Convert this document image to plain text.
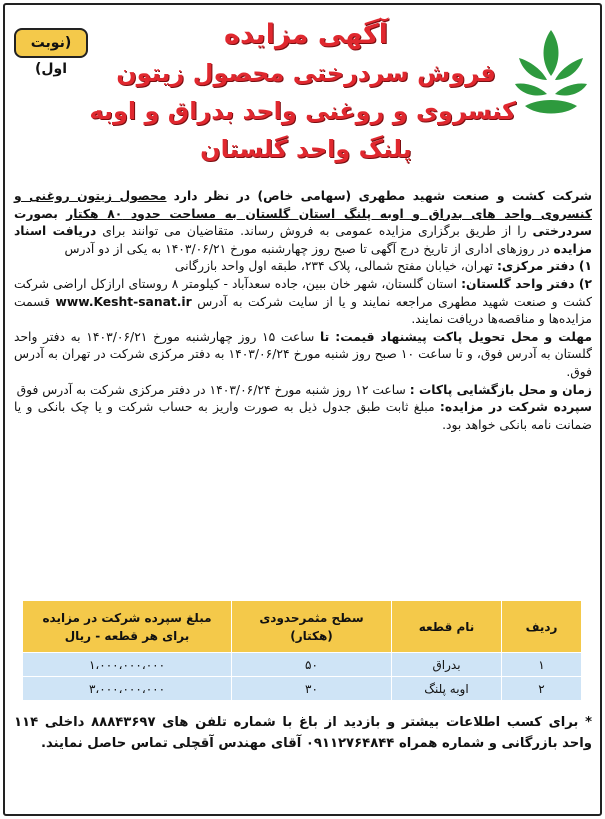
(نوبت اول)
آگهی مزایده
فروش سردرختی محصول زیتون
کنسروی و روغنی واحد بدراق و اوبه
پلنگ واحد گلستان

شرکت کشت و صنعت شهید مطهری (سهامی خاص) در نظر دارد محصول زیتون روغنی و کنسروی واحد های بدراق و اوبه پلنگ استان گلستان به مساحت حدود ۸۰ هکتار بصورت سردرختی را از طریق برگزاری مزایده عمومی به فروش رساند. متقاضیان می توانند برای دریافت اسناد مزایده در روزهای اداری از تاریخ درج آگهی تا صبح روز چهارشنبه مورخ ۱۴۰۳/۰۶/۲۱ به یکی از دو آدرس

۱) دفتر مرکزی: تهران، خیابان مفتح شمالی، پلاک ۲۳۴، طبقه اول واحد بازرگانی

۲) دفتر واحد گلستان: استان گلستان، شهر خان ببین، جاده سعدآباد - کیلومتر ۸ روستای ارازکل اراضی شرکت کشت و صنعت شهید مطهری مراجعه نمایند و یا از سایت شرکت به آدرس www.Kesht-sanat.ir قسمت مزایده‌ها و مناقصه‌ها دریافت نمایند.

مهلت و محل تحویل پاکت پیشنهاد قیمت: تا ساعت ۱۵ روز چهارشنبه مورخ ۱۴۰۳/۰۶/۲۱ به دفتر واحد گلستان به آدرس فوق، و تا ساعت ۱۰ صبح روز شنبه مورخ ۱۴۰۳/۰۶/۲۴ به دفتر مرکزی شرکت در تهران به آدرس فوق.

زمان و محل بازگشایی پاکات : ساعت ۱۲ روز شنبه مورخ ۱۴۰۳/۰۶/۲۴ در دفتر مرکزی شرکت به آدرس فوق

سپرده شرکت در مزایده: مبلغ ثابت طبق جدول ذیل به صورت واریز به حساب شرکت و یا چک بانکی و یا ضمانت نامه بانکی خواهد بود.

ردیف	نام قطعه	سطح مثمرحدودی (هکتار)	مبلغ سپرده شرکت در مزایده برای هر قطعه - ریال
۱	بدراق	۵۰	۱،۰۰۰،۰۰۰،۰۰۰
۲	اوبه پلنگ	۳۰	۳،۰۰۰،۰۰۰،۰۰۰
* برای کسب اطلاعات بیشتر و بازدید از باغ با شماره تلفن های ۸۸۸۴۳۶۹۷ داخلی ۱۱۴ واحد بازرگانی و شماره همراه ۰۹۱۱۲۷۶۴۸۴۴ آقای مهندس آقچلی تماس حاصل نمایند.
